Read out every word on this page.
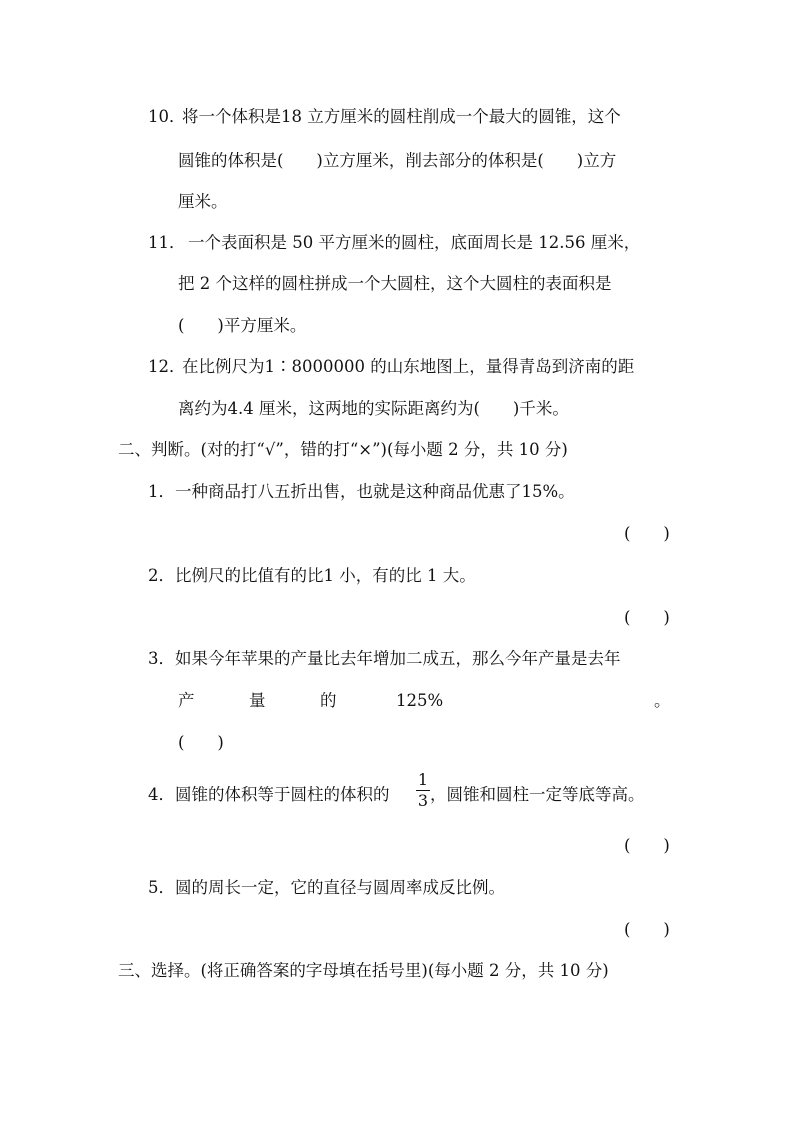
10．
将一个体积是18 立方厘米的圆柱削成一个最大的圆锥，这个
圆锥的体积是(　　)立方厘米，削去部分的体积是(　　)立方
厘米。
11． 一个表面积是 50 平方厘米的圆柱，底面周长是 12.56 厘米，
把 2 个这样的圆柱拼成一个大圆柱，这个大圆柱的表面积是
(　　)平方厘米。
12．
在比例尺为1∶8000000 的山东地图上，量得青岛到济南的距
离约为4.4 厘米，这两地的实际距离约为(　　)千米。
二、判断。(对的打“√”，错的打“×”)(每小题 2 分，共 10 分)
1．一种商品打八五折出售，也就是这种商品优惠了15%。
(　　)
2．比例尺的比值有的比1 小，有的比 1 大。
(　　)
3．如果今年苹果的产量比去年增加二成五，那么今年产量是去年
产	量	的	125%	。
(　　)
4．圆锥的体积等于圆柱的体积的
1
3 ，圆锥和圆柱一定等底等高。
(　　)
5．圆的周长一定，它的直径与圆周率成反比例。
(　　)
三、选择。(将正确答案的字母填在括号里)(每小题 2 分，共 10 分)
